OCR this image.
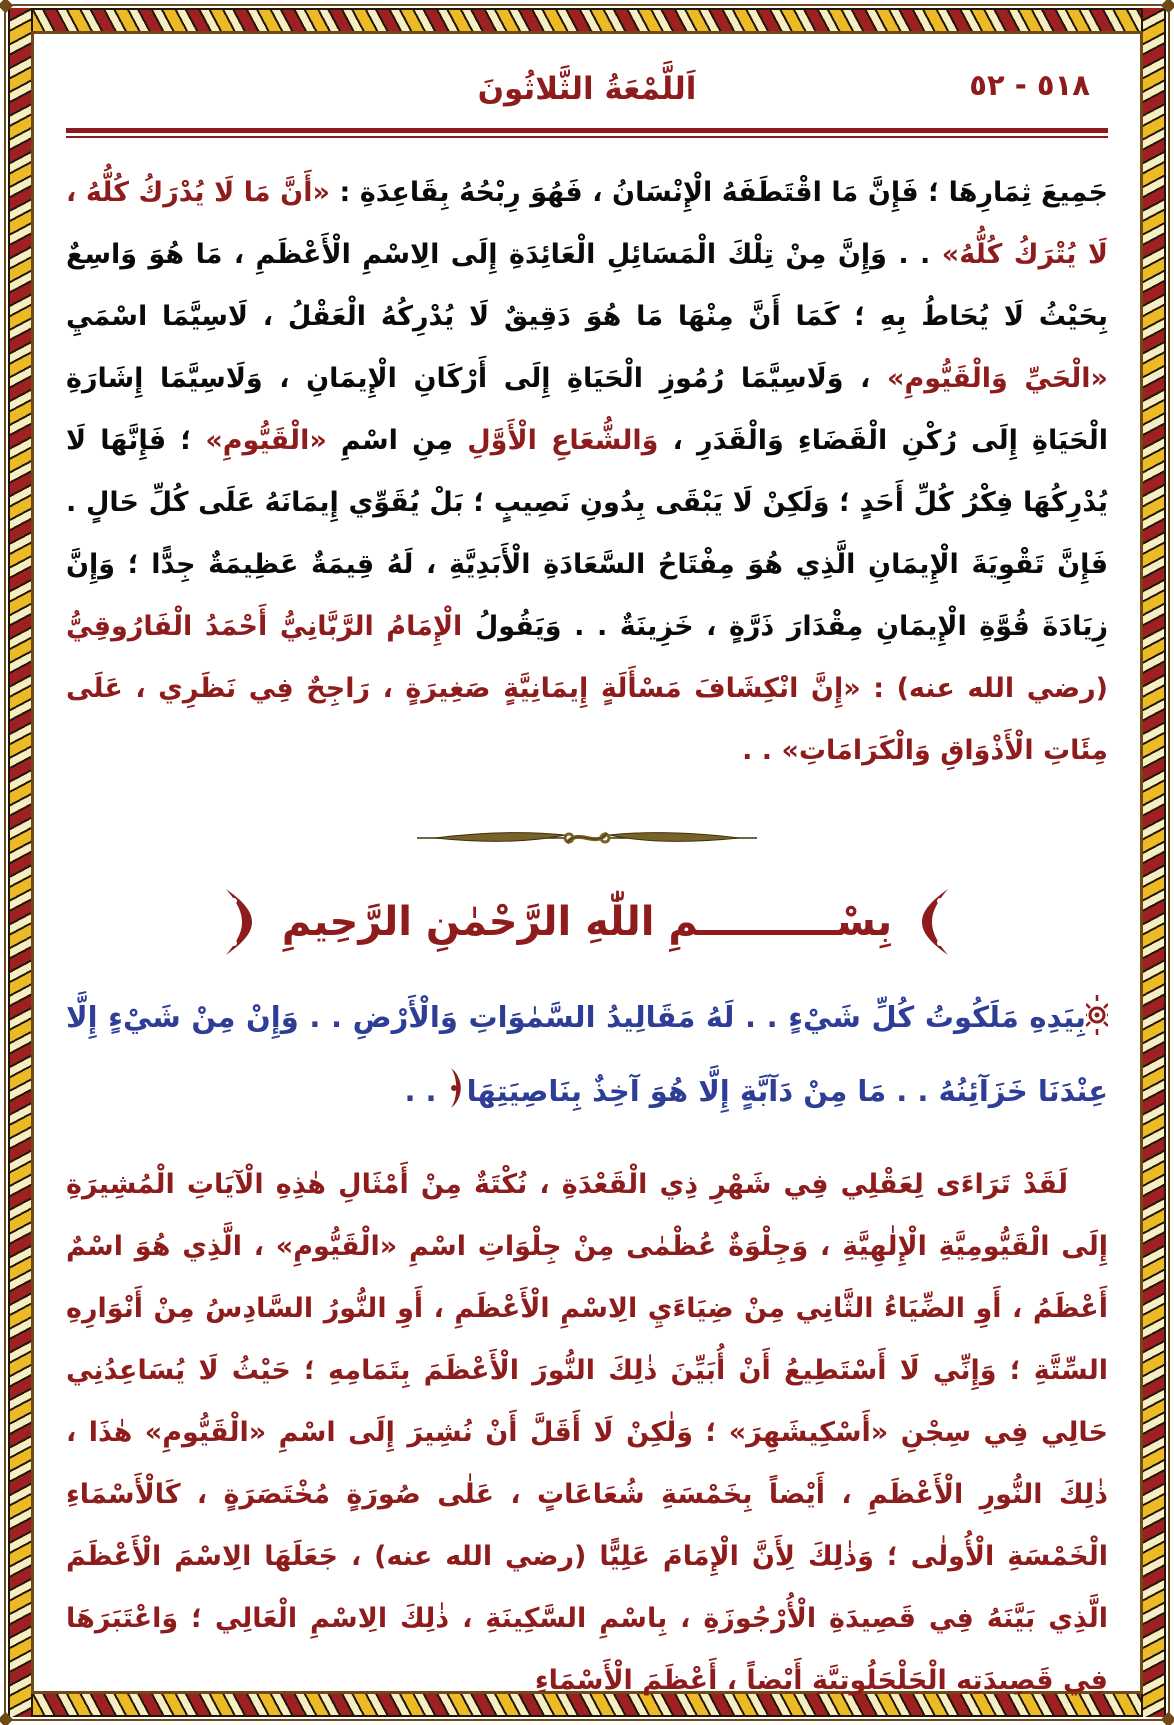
اَللَّمْعَةُ الثَّلاثُونَ	٥١٨ - ٥٢
جَمِيعَ ثِمَارِهَا ؛ فَإِنَّ مَا اقْتَطَفَهُ الْإِنْسَانُ ، فَهُوَ رِبْحُهُ بِقَاعِدَةِ : «أَنَّ مَا لَا يُدْرَكُ كُلُّهُ ، لَا يُتْرَكُ كُلُّهُ» . . وَإِنَّ مِنْ تِلْكَ الْمَسَائِلِ الْعَائِدَةِ إِلَى الِاسْمِ الْأَعْظَمِ ، مَا هُوَ وَاسِعٌ بِحَيْثُ لَا يُحَاطُ بِهِ ؛ كَمَا أَنَّ مِنْهَا مَا هُوَ دَقِيقٌ لَا يُدْرِكُهُ الْعَقْلُ ، لَاسِيَّمَا اسْمَيِ «الْحَيِّ وَالْقَيُّومِ» ، وَلَاسِيَّمَا رُمُوزِ الْحَيَاةِ إِلَى أَرْكَانِ الْإِيمَانِ ، وَلَاسِيَّمَا إِشَارَةِ الْحَيَاةِ إِلَى رُكْنِ الْقَضَاءِ وَالْقَدَرِ ، وَالشُّعَاعِ الْأَوَّلِ مِنِ اسْمِ «الْقَيُّومِ» ؛ فَإِنَّهَا لَا يُدْرِكُهَا فِكْرُ كُلِّ أَحَدٍ ؛ وَلَكِنْ لَا يَبْقَى بِدُونِ نَصِيبٍ ؛ بَلْ يُقَوِّي إِيمَانَهُ عَلَى كُلِّ حَالٍ . فَإِنَّ تَقْوِيَةَ الْإِيمَانِ الَّذِي هُوَ مِفْتَاحُ السَّعَادَةِ الْأَبَدِيَّةِ ، لَهُ قِيمَةٌ عَظِيمَةٌ جِدًّا ؛ وَإِنَّ زِيَادَةَ قُوَّةِ الْإِيمَانِ مِقْدَارَ ذَرَّةٍ ، خَزِينَةٌ . . وَيَقُولُ الْإِمَامُ الرَّبَّانِيُّ أَحْمَدُ الْفَارُوقِيُّ (رضي الله عنه) : «إِنَّ انْكِشَافَ مَسْأَلَةٍ إِيمَانِيَّةٍ صَغِيرَةٍ ، رَاجِحٌ فِي نَظَرِي ، عَلَى مِئَاتِ الْأَذْوَاقِ وَالْكَرَامَاتِ» . .
بِسْــــــــــمِ اللّٰهِ الرَّحْمٰنِ الرَّحِيمِ
بِيَدِهِ مَلَكُوتُ كُلِّ شَيْءٍ . . لَهُ مَقَالِيدُ السَّمٰوَاتِ وَالْأَرْضِ . . وَإِنْ مِنْ شَيْءٍ إِلَّا عِنْدَنَا خَزَآئِنُهُ . . مَا مِنْ دَآبَّةٍ إِلَّا هُوَ آخِذٌ بِنَاصِيَتِهَا . .
لَقَدْ تَرَاءَى لِعَقْلِي فِي شَهْرِ ذِي الْقَعْدَةِ ، نُكْتَةٌ مِنْ أَمْثَالِ هٰذِهِ الْآيَاتِ الْمُشِيرَةِ إِلَى الْقَيُّومِيَّةِ الْإِلٰهِيَّةِ ، وَجِلْوَةٌ عُظْمٰى مِنْ جِلْوَاتِ اسْمِ «الْقَيُّومِ» ، الَّذِي هُوَ اسْمٌ أَعْظَمُ ، أَوِ الضِّيَاءُ الثَّانِي مِنْ ضِيَاءَيِ الِاسْمِ الْأَعْظَمِ ، أَوِ النُّورُ السَّادِسُ مِنْ أَنْوَارِهِ السِّتَّةِ ؛ وَإِنِّي لَا أَسْتَطِيعُ أَنْ أُبَيِّنَ ذٰلِكَ النُّورَ الْأَعْظَمَ بِتَمَامِهِ ؛ حَيْثُ لَا يُسَاعِدُنِي حَالِي فِي سِجْنِ «أَسْكِيشَهِرَ» ؛ وَلٰكِنْ لَا أَقَلَّ أَنْ نُشِيرَ إِلَى اسْمِ «الْقَيُّومِ» هٰذَا ، ذٰلِكَ النُّورِ الْأَعْظَمِ ، أَيْضاً بِخَمْسَةِ شُعَاعَاتٍ ، عَلٰى صُورَةٍ مُخْتَصَرَةٍ ، كَالْأَسْمَاءِ الْخَمْسَةِ الْأُولٰى ؛ وَذٰلِكَ لِأَنَّ الْإِمَامَ عَلِيًّا (رضي الله عنه) ، جَعَلَهَا الِاسْمَ الْأَعْظَمَ الَّذِي بَيَّنَهُ فِي قَصِيدَةِ الْأُرْجُوزَةِ ، بِاسْمِ السَّكِينَةِ ، ذٰلِكَ الِاسْمِ الْعَالِي ؛ وَاعْتَبَرَهَا فِي قَصِيدَتِهِ الْجَلْجَلُوتِيَّةِ أَيْضاً ، أَعْظَمَ الْأَسْمَاءِ
